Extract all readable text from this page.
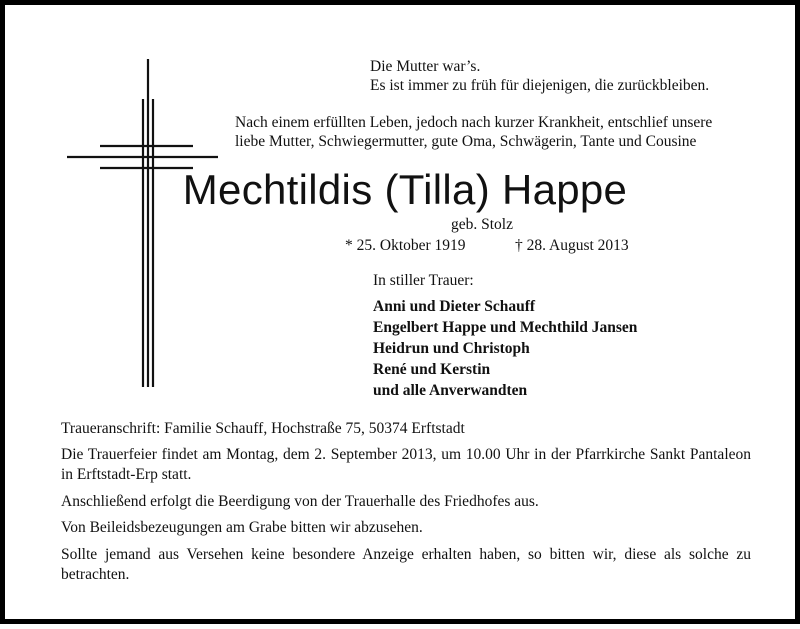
Die Mutter war’s.
Es ist immer zu früh für diejenigen, die zurückbleiben.
Nach einem erfüllten Leben, jedoch nach kurzer Krankheit, entschlief unsere
liebe Mutter, Schwiegermutter, gute Oma, Schwägerin, Tante und Cousine
Mechtildis (Tilla) Happe
geb. Stolz
* 25. Oktober 1919	† 28. August 2013
In stiller Trauer:
Anni und Dieter Schauff
Engelbert Happe und Mechthild Jansen
Heidrun und Christoph
René und Kerstin
und alle Anverwandten
Traueranschrift: Familie Schauff, Hochstraße 75, 50374 Erftstadt
Die Trauerfeier findet am Montag, dem 2. September 2013, um 10.00 Uhr in der Pfarrkirche Sankt Pantaleon in Erftstadt-Erp statt.
Anschließend erfolgt die Beerdigung von der Trauerhalle des Friedhofes aus.
Von Beileidsbezeugungen am Grabe bitten wir abzusehen.
Sollte jemand aus Versehen keine besondere Anzeige erhalten haben, so bitten wir, diese als solche zu betrachten.
